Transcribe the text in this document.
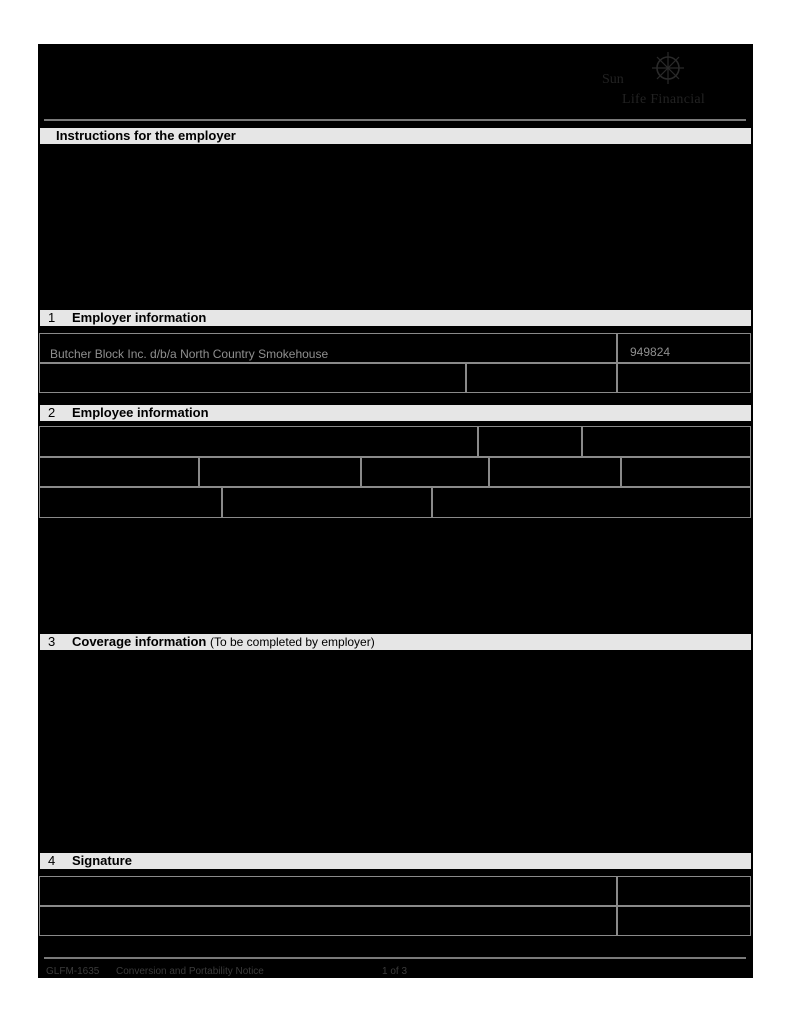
Sun
Life Financial
Instructions for the employer
1 Employer information
Butcher Block Inc. d/b/a North Country Smokehouse	949824
2 Employee information
3 Coverage information (To be completed by employer)
4 Signature
GLFM-1635 Conversion and Portability Notice	1 of 3
